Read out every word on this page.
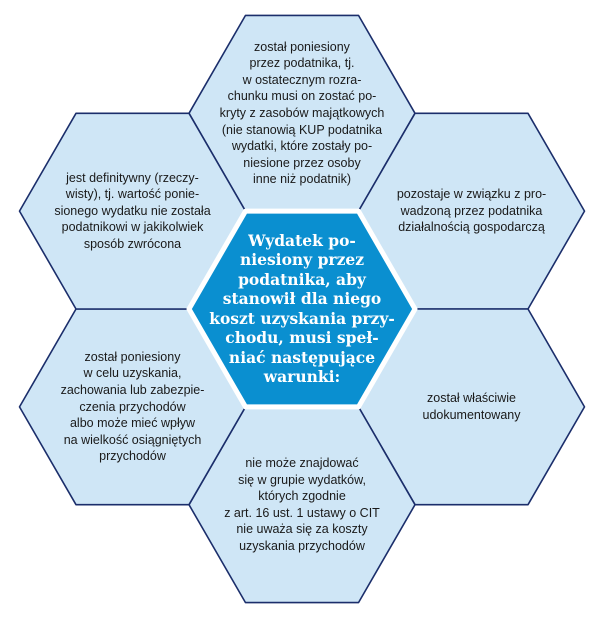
został poniesiony
przez podatnika, tj.
w ostatecznym rozra-
chunku musi on zostać po-
kryty z zasobów majątkowych
(nie stanowią KUP podatnika
wydatki, które zostały po-
niesione przez osoby
inne niż podatnik)
pozostaje w związku z pro-
wadzoną przez podatnika
działalnością gospodarczą
został właściwie
udokumentowany
nie może znajdować
się w grupie wydatków,
których zgodnie
z art. 16 ust. 1 ustawy o CIT
nie uważa się za koszty
uzyskania przychodów
został poniesiony
w celu uzyskania,
zachowania lub zabezpie-
czenia przychodów
albo może mieć wpływ
na wielkość osiągniętych
przychodów
jest definitywny (rzeczy-
wisty), tj. wartość ponie-
sionego wydatku nie została
podatnikowi w jakikolwiek
sposób zwrócona	Wydatek po-
niesiony przez
podatnika, aby
stanowił dla niego
koszt uzyskania przy-
chodu, musi speł-
niać następujące
warunki:
